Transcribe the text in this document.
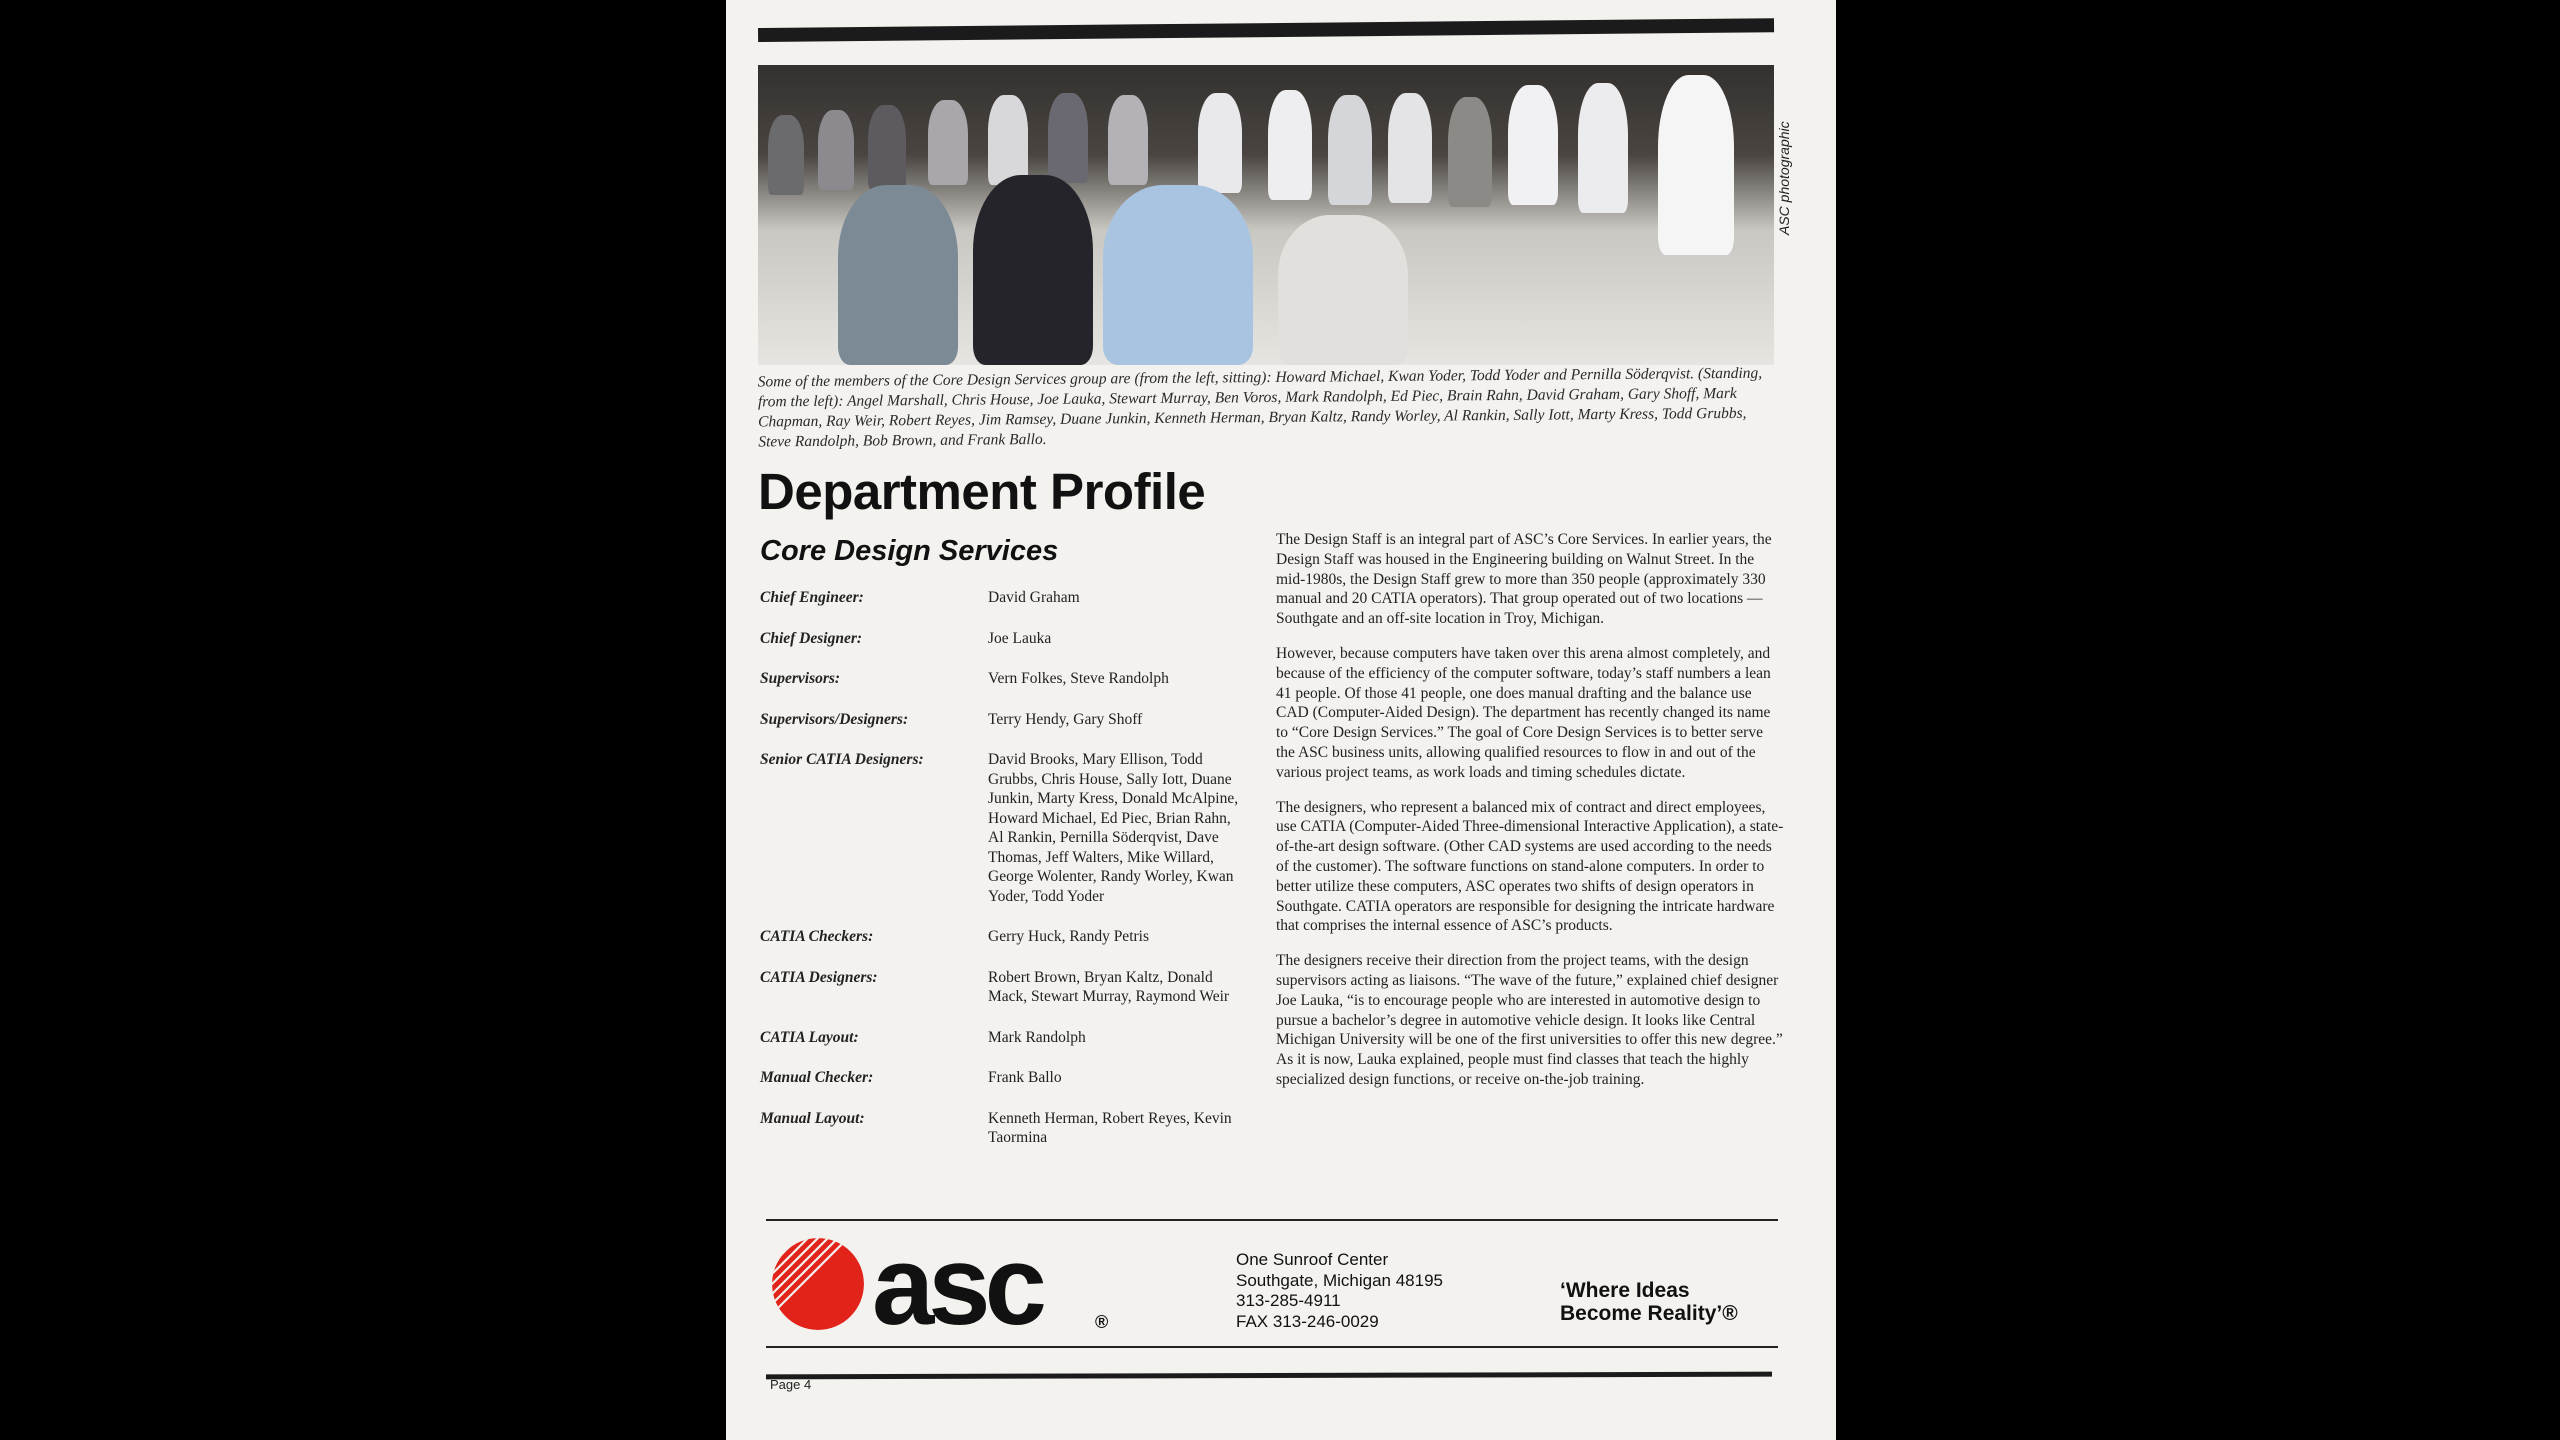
ASC photographic
Some of the members of the Core Design Services group are (from the left, sitting): Howard Michael, Kwan Yoder, Todd Yoder and Pernilla Söderqvist. (Standing, from the left): Angel Marshall, Chris House, Joe Lauka, Stewart Murray, Ben Voros, Mark Randolph, Ed Piec, Brain Rahn, David Graham, Gary Shoff, Mark Chapman, Ray Weir, Robert Reyes, Jim Ramsey, Duane Junkin, Kenneth Herman, Bryan Kaltz, Randy Worley, Al Rankin, Sally Iott, Marty Kress, Todd Grubbs, Steve Randolph, Bob Brown, and Frank Ballo.
Department Profile
Core Design Services
Chief Engineer:	David Graham
Chief Designer:	Joe Lauka
Supervisors:	Vern Folkes, Steve Randolph
Supervisors/Designers:	Terry Hendy, Gary Shoff
Senior CATIA Designers:	David Brooks, Mary Ellison, Todd Grubbs, Chris House, Sally Iott, Duane Junkin, Marty Kress, Donald McAlpine, Howard Michael, Ed Piec, Brian Rahn, Al Rankin, Pernilla Söderqvist, Dave Thomas, Jeff Walters, Mike Willard, George Wolenter, Randy Worley, Kwan Yoder, Todd Yoder
CATIA Checkers:	Gerry Huck, Randy Petris
CATIA Designers:	Robert Brown, Bryan Kaltz, Donald Mack, Stewart Murray, Raymond Weir
CATIA Layout:	Mark Randolph
Manual Checker:	Frank Ballo
Manual Layout:	Kenneth Herman, Robert Reyes, Kevin Taormina

The Design Staff is an integral part of ASC’s Core Services. In earlier years, the Design Staff was housed in the Engineering building on Walnut Street. In the mid-1980s, the Design Staff grew to more than 350 people (approximately 330 manual and 20 CATIA operators). That group operated out of two locations — Southgate and an off-site location in Troy, Michigan.

However, because computers have taken over this arena almost completely, and because of the efficiency of the computer software, today’s staff numbers a lean 41 people. Of those 41 people, one does manual drafting and the balance use CAD (Computer-Aided Design). The department has recently changed its name to “Core Design Services.” The goal of Core Design Services is to better serve the ASC business units, allowing qualified resources to flow in and out of the various project teams, as work loads and timing schedules dictate.

The designers, who represent a balanced mix of contract and direct employees, use CATIA (Computer-Aided Three-dimensional Interactive Application), a state-of-the-art design software. (Other CAD systems are used according to the needs of the customer). The software functions on stand-alone computers. In order to better utilize these computers, ASC operates two shifts of design operators in Southgate. CATIA operators are responsible for designing the intricate hardware that comprises the internal essence of ASC’s products.

The designers receive their direction from the project teams, with the design supervisors acting as liaisons. “The wave of the future,” explained chief designer Joe Lauka, “is to encourage people who are interested in automotive design to pursue a bachelor’s degree in automotive vehicle design. It looks like Central Michigan University will be one of the first universities to offer this new degree.” As it is now, Lauka explained, people must find classes that teach the highly specialized design functions, or receive on-the-job training.

asc	®
One Sunroof Center
Southgate, Michigan 48195
313-285-4911
FAX 313-246-0029
‘Where Ideas
Become Reality’®
Page 4
